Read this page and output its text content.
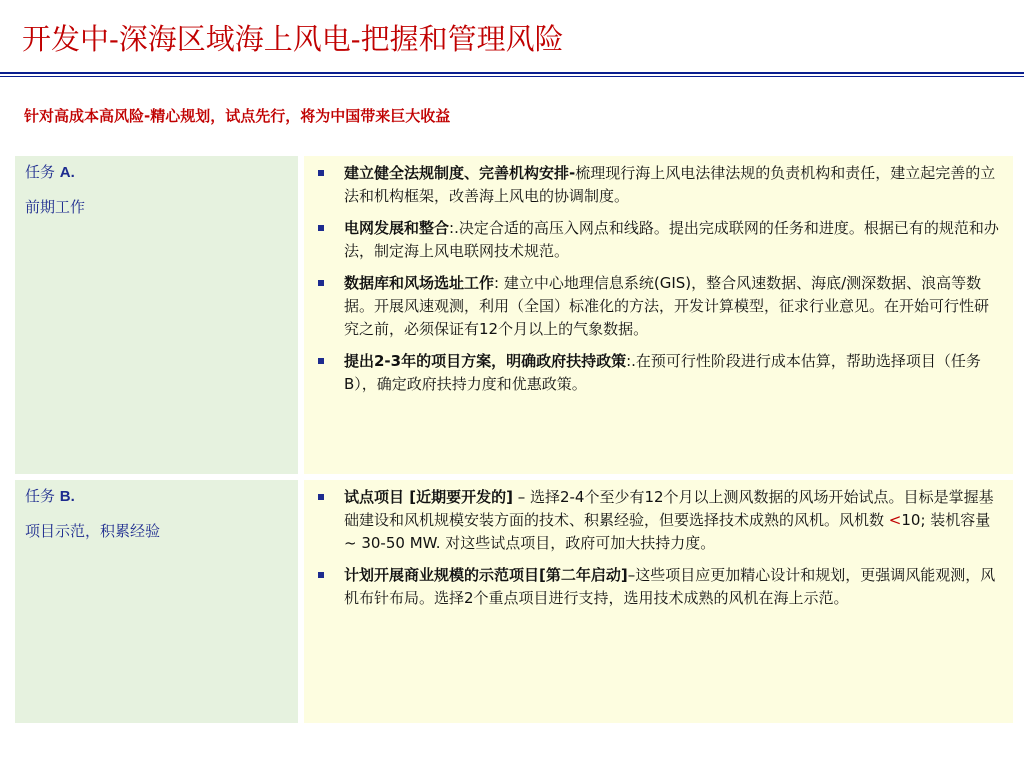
开发中-深海区域海上风电-把握和管理风险
针对高成本高风险-精心规划，试点先行，将为中国带来巨大收益
任务 A.
前期工作
建立健全法规制度、完善机构安排-梳理现行海上风电法律法规的负责机构和责任，建立起完善的立法和机构框架，改善海上风电的协调制度。
电网发展和整合:.决定合适的高压入网点和线路。提出完成联网的任务和进度。根据已有的规范和办法，制定海上风电联网技术规范。
数据库和风场选址工作: 建立中心地理信息系统(GIS)，整合风速数据、海底/测深数据、浪高等数据。开展风速观测，利用（全国）标准化的方法，开发计算模型，征求行业意见。在开始可行性研究之前，必须保证有12个月以上的气象数据。
提出2-3年的项目方案，明确政府扶持政策:.在预可行性阶段进行成本估算，帮助选择项目（任务B），确定政府扶持力度和优惠政策。
任务 B.
项目示范，积累经验
试点项目 [近期要开发的] – 选择2-4个至少有12个月以上测风数据的风场开始试点。目标是掌握基础建设和风机规模安装方面的技术、积累经验，但要选择技术成熟的风机。风机数 <10; 装机容量 ~ 30-50 MW. 对这些试点项目，政府可加大扶持力度。
计划开展商业规模的示范项目[第二年启动]–这些项目应更加精心设计和规划，更强调风能观测，风机布针布局。选择2个重点项目进行支持，选用技术成熟的风机在海上示范。
